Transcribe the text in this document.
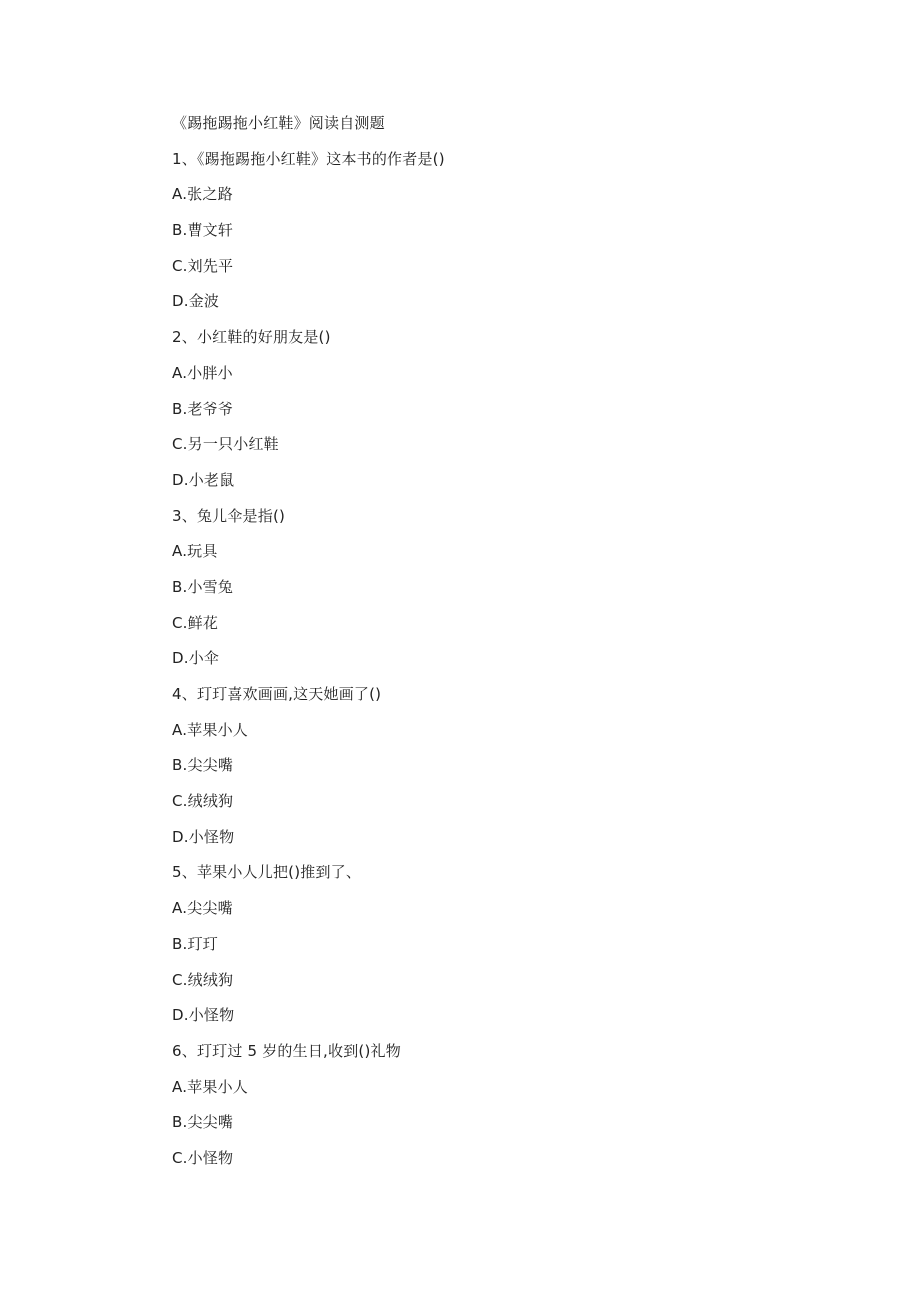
《踢拖踢拖小红鞋》阅读自测题
1、《踢拖踢拖小红鞋》这本书的作者是()
A.张之路
B.曹文轩
C.刘先平
D.金波
2、小红鞋的好朋友是()
A.小胖小
B.老爷爷
C.另一只小红鞋
D.小老鼠
3、兔儿伞是指()
A.玩具
B.小雪兔
C.鲜花
D.小伞
4、玎玎喜欢画画,这天她画了()
A.苹果小人
B.尖尖嘴
C.绒绒狗
D.小怪物
5、苹果小人儿把()推到了、
A.尖尖嘴
B.玎玎
C.绒绒狗
D.小怪物
6、玎玎过 5 岁的生日,收到()礼物
A.苹果小人
B.尖尖嘴
C.小怪物
